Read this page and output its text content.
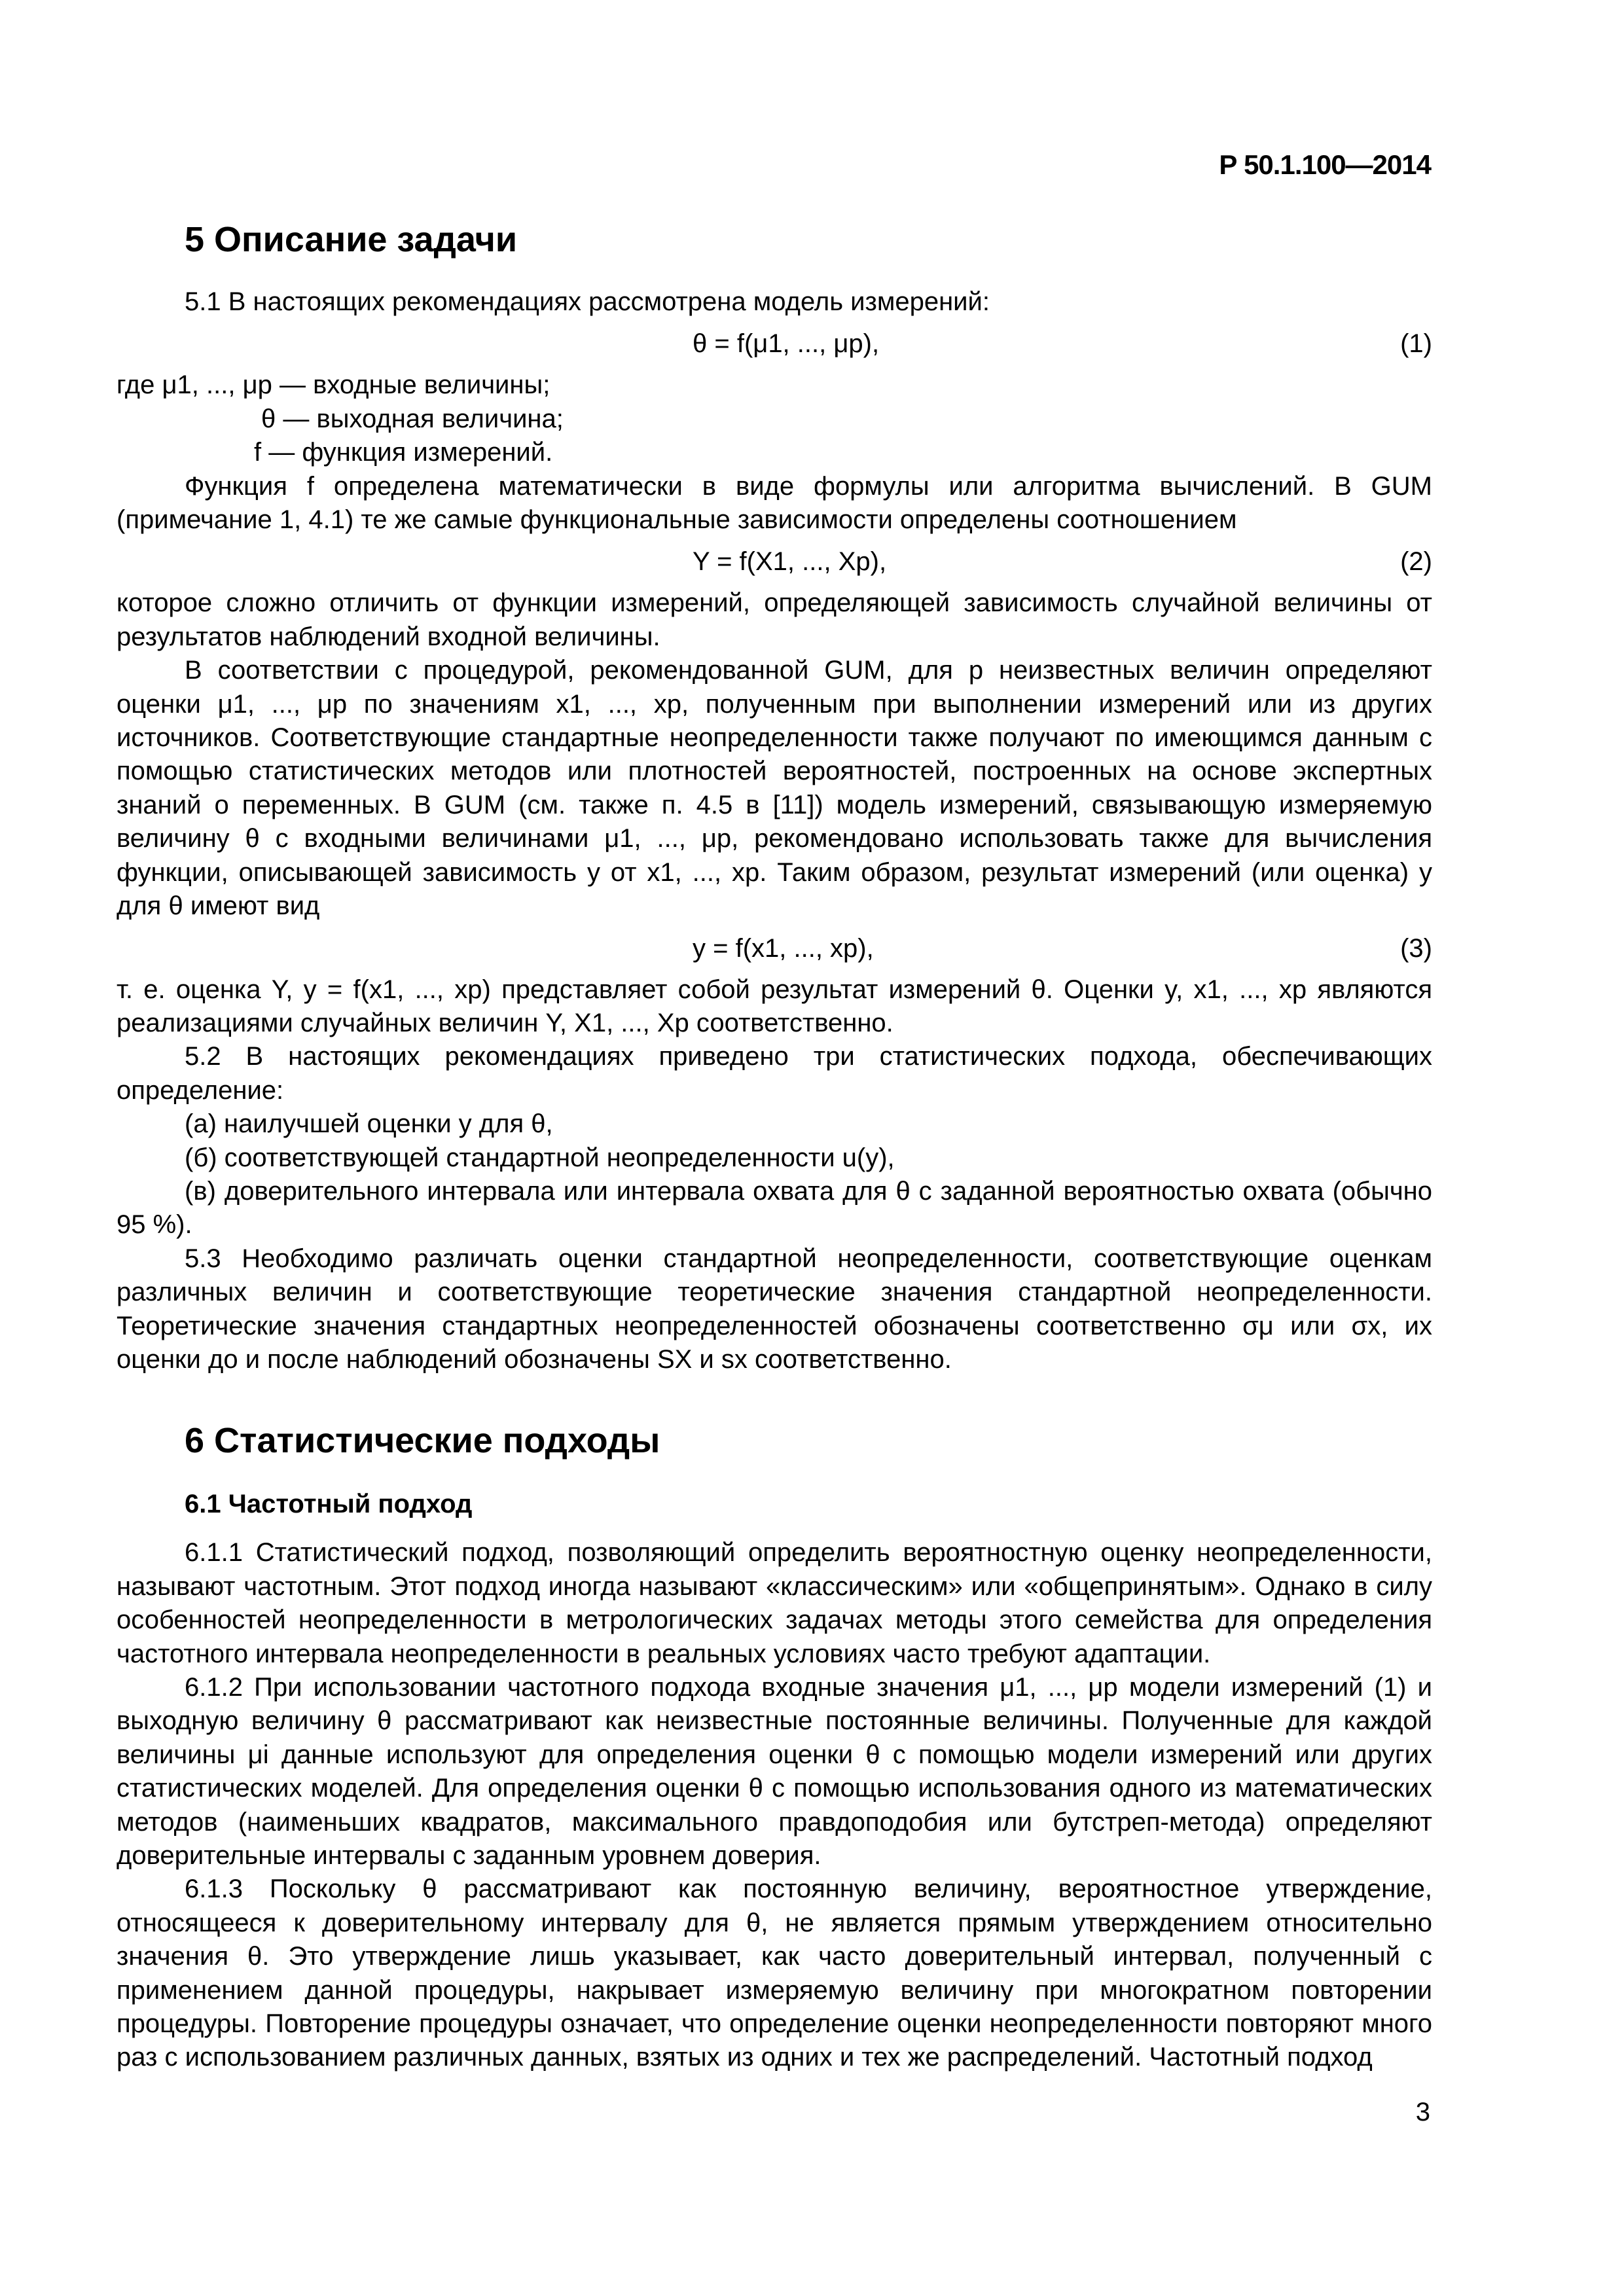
Р 50.1.100—2014
5 Описание задачи

5.1 В настоящих рекомендациях рассмотрена модель измерений:

θ = f(μ1, ..., μp),	(1)
где μ1, ..., μp — входные величины;
θ — выходная величина;
f — функция измерений.

Функция f определена математически в виде формулы или алгоритма вычислений. В GUM (примечание 1, 4.1) те же самые функциональные зависимости определены соотношением

Y = f(X1, ..., Xp),	(2)

которое сложно отличить от функции измерений, определяющей зависимость случайной величины от результатов наблюдений входной величины.

В соответствии с процедурой, рекомендованной GUM, для p неизвестных величин определяют оценки μ1, ..., μp по значениям x1, ..., xp, полученным при выполнении измерений или из других источников. Соответствующие стандартные неопределенности также получают по имеющимся данным с помощью статистических методов или плотностей вероятностей, построенных на основе экспертных знаний о переменных. В GUM (см. также п. 4.5 в [11]) модель измерений, связывающую измеряемую величину θ с входными величинами μ1, ..., μp, рекомендовано использовать также для вычисления функции, описывающей зависимость y от x1, ..., xp. Таким образом, результат измерений (или оценка) y для θ имеют вид

y = f(x1, ..., xp),	(3)

т. е. оценка Y, y = f(x1, ..., xp) представляет собой результат измерений θ. Оценки y, x1, ..., xp являются реализациями случайных величин Y, X1, ..., Xp соответственно.

5.2 В настоящих рекомендациях приведено три статистических подхода, обеспечивающих определение:

(а) наилучшей оценки y для θ,
(б) соответствующей стандартной неопределенности u(y),

(в) доверительного интервала или интервала охвата для θ с заданной вероятностью охвата (обычно 95 %).

5.3 Необходимо различать оценки стандартной неопределенности, соответствующие оценкам различных величин и соответствующие теоретические значения стандартной неопределенности. Теоретические значения стандартных неопределенностей обозначены соответственно σμ или σx, их оценки до и после наблюдений обозначены SX и sx соответственно.

6 Статистические подходы
6.1 Частотный подход

6.1.1 Статистический подход, позволяющий определить вероятностную оценку неопределенности, называют частотным. Этот подход иногда называют «классическим» или «общепринятым». Однако в силу особенностей неопределенности в метрологических задачах методы этого семейства для определения частотного интервала неопределенности в реальных условиях часто требуют адаптации.

6.1.2 При использовании частотного подхода входные значения μ1, ..., μp модели измерений (1) и выходную величину θ рассматривают как неизвестные постоянные величины. Полученные для каждой величины μi данные используют для определения оценки θ с помощью модели измерений или других статистических моделей. Для определения оценки θ с помощью использования одного из математических методов (наименьших квадратов, максимального правдоподобия или бутстреп-метода) определяют доверительные интервалы с заданным уровнем доверия.

6.1.3 Поскольку θ рассматривают как постоянную величину, вероятностное утверждение, относящееся к доверительному интервалу для θ, не является прямым утверждением относительно значения θ. Это утверждение лишь указывает, как часто доверительный интервал, полученный с применением данной процедуры, накрывает измеряемую величину при многократном повторении процедуры. Повторение процедуры означает, что определение оценки неопределенности повторяют много раз с использованием различных данных, взятых из одних и тех же распределений. Частотный подход

3
